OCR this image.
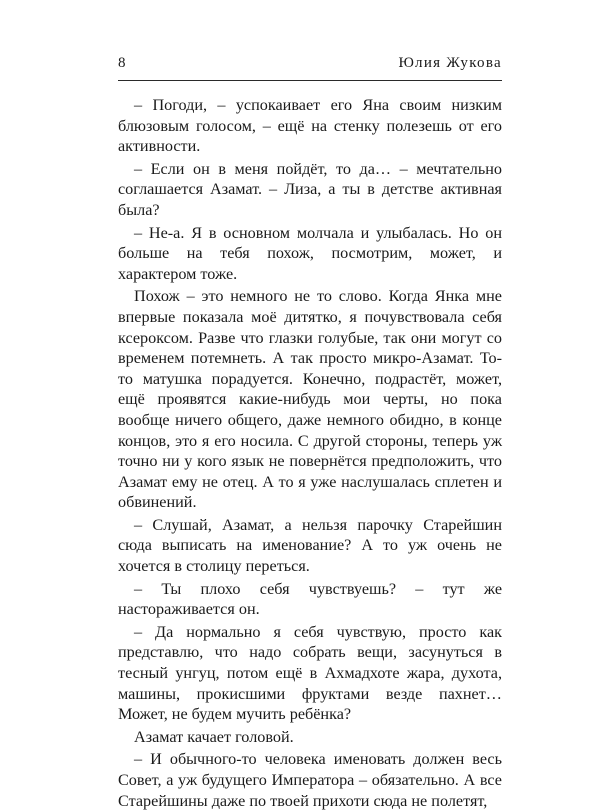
8	Юлия Жукова

– Погоди, – успокаивает его Яна своим низким блюзовым голосом, – ещё на стенку полезешь от его активности.

– Если он в меня пойдёт, то да… – мечтательно соглашается Азамат. – Лиза, а ты в детстве активная была?

– Не-а. Я в основном молчала и улыбалась. Но он больше на тебя похож, посмотрим, может, и характером тоже.

Похож – это немного не то слово. Когда Янка мне впервые показала моё дитятко, я почувствовала себя ксероксом. Разве что глазки голубые, так они могут со временем потемнеть. А так просто микро-Азамат. То-то матушка порадуется. Конечно, подрастёт, может, ещё проявятся какие-нибудь мои черты, но пока вообще ничего общего, даже немного обидно, в конце концов, это я его носила. С другой стороны, теперь уж точно ни у кого язык не повернётся предположить, что Азамат ему не отец. А то я уже наслушалась сплетен и обвинений.

– Слушай, Азамат, а нельзя парочку Старейшин сюда выписать на именование? А то уж очень не хочется в столицу переться.

– Ты плохо себя чувствуешь? – тут же настораживается он.

– Да нормально я себя чувствую, просто как представлю, что надо собрать вещи, засунуться в тесный унгуц, потом ещё в Ахмадхоте жара, духота, машины, прокисшими фруктами везде пахнет… Может, не будем мучить ребёнка?

Азамат качает головой.

– И обычного-то человека именовать должен весь Совет, а уж будущего Императора – обязательно. А все Старейшины даже по твоей прихоти сюда не полетят,
